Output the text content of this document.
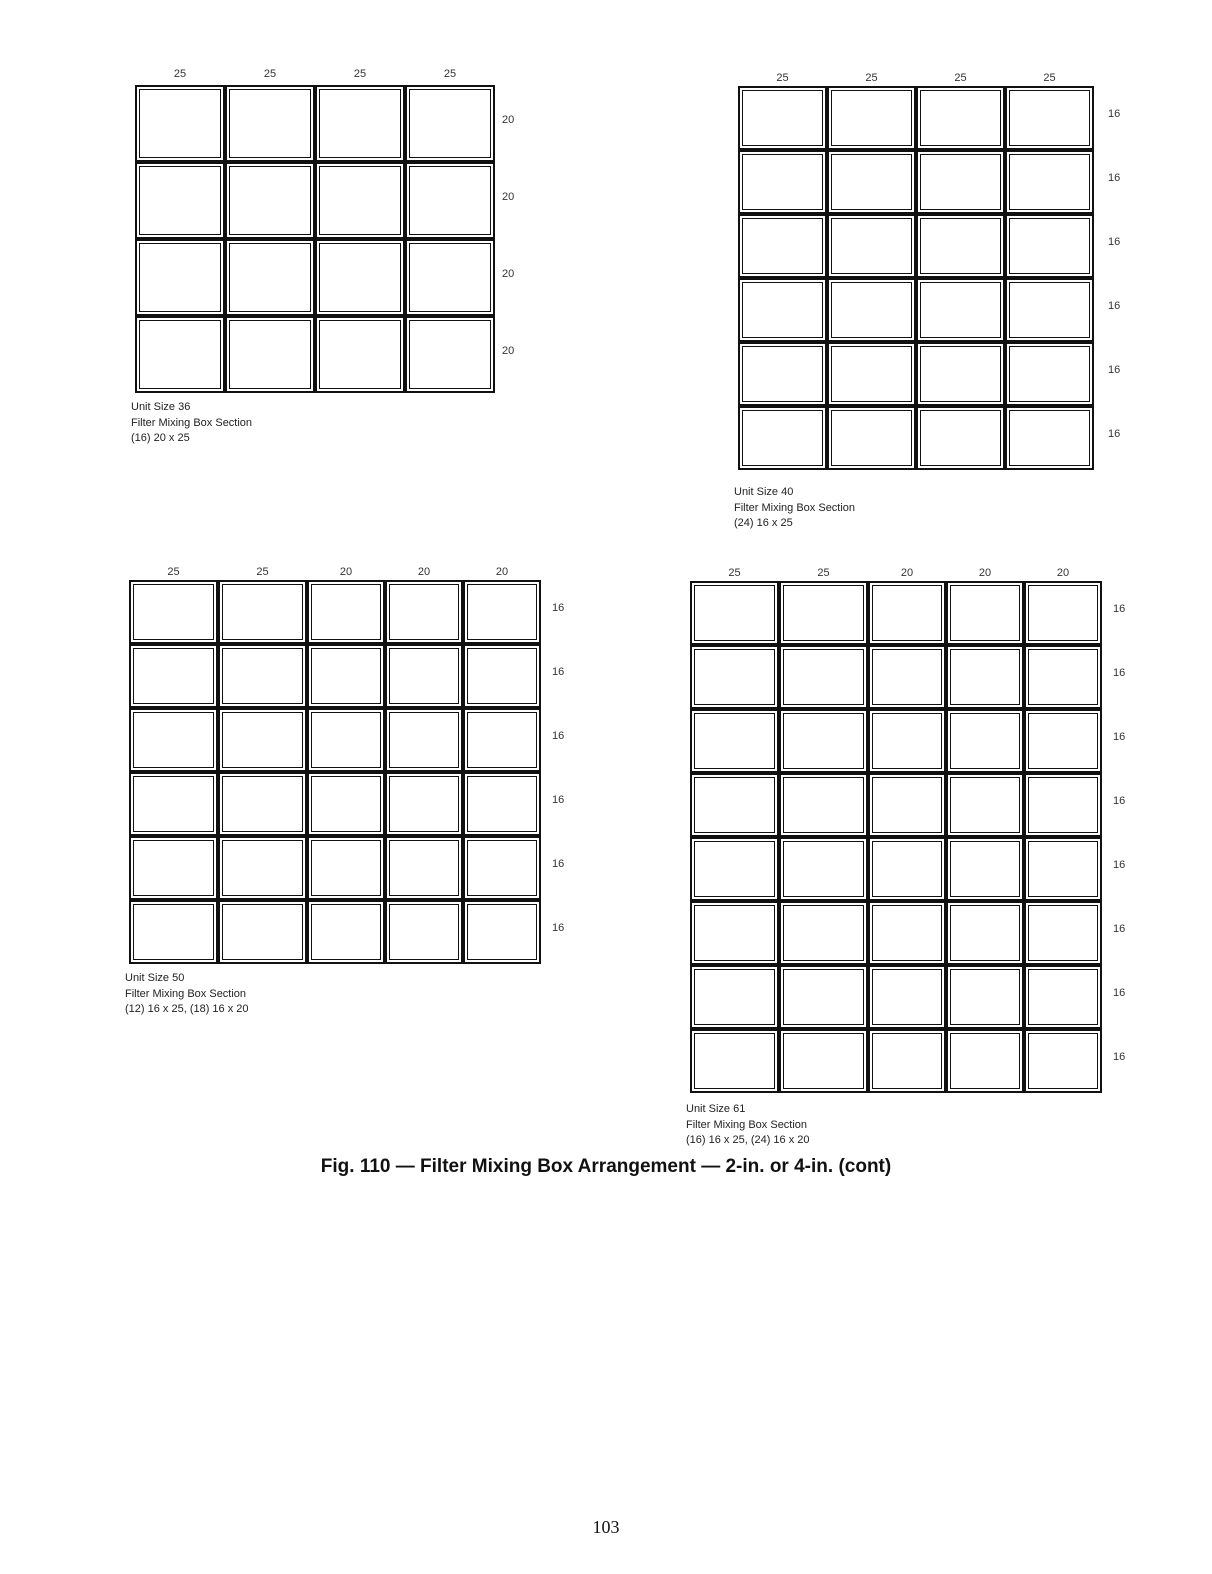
25	25	25	25
20
20
20
20
Unit Size 36
Filter Mixing Box Section
(16) 20 x 25
25	25	25	25
16
16
16
16
16
16
Unit Size 40
Filter Mixing Box Section
(24) 16 x 25
25	25	20	20	20
16
16
16
16
16
16
Unit Size 50
Filter Mixing Box Section
(12) 16 x 25, (18) 16 x 20
25	25	20	20	20
16
16
16
16
16
16
16
16
Unit Size 61
Filter Mixing Box Section
(16) 16 x 25, (24) 16 x 20
Fig. 110 — Filter Mixing Box Arrangement — 2-in. or 4-in. (cont)
103
